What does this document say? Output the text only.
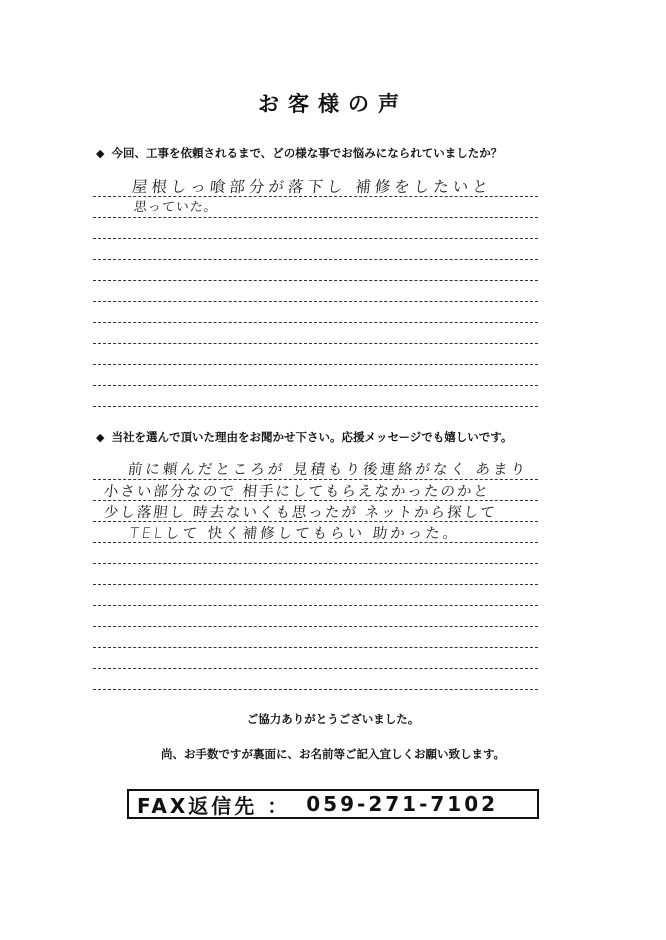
お客様の声
◆ 今回、工事を依頼されるまで、どの様な事でお悩みになられていましたか？
屋根しっ喰部分が落下し 補修をしたいと
思っていた。
◆ 当社を選んで頂いた理由をお聞かせ下さい。応援メッセージでも嬉しいです。
前に頼んだところが 見積もり後連絡がなく あまり
小さい部分なので 相手にしてもらえなかったのかと
少し落胆し 時去ないくも思ったが ネットから探して
TELして 快く補修してもらい 助かった。
ご協力ありがとうございました。
尚、お手数ですが裏面に、お名前等ご記入宜しくお願い致します。
FAX返信先 ： 059-271-7102
